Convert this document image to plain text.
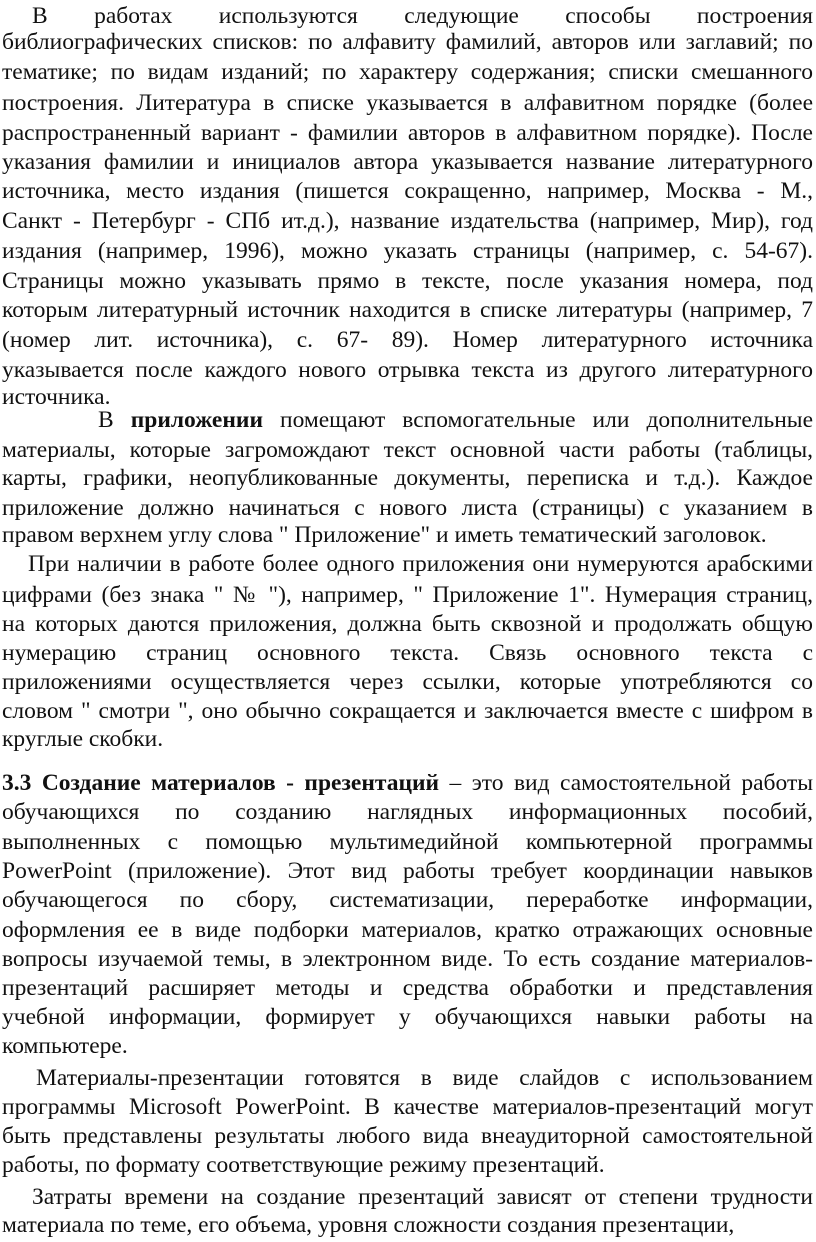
В работах используются следующие способы построения
библиографических списков: по алфавиту фамилий, авторов или заглавий; по
тематике; по видам изданий; по характеру содержания; списки смешанного
построения. Литература в списке указывается в алфавитном порядке (более
распространенный вариант - фамилии авторов в алфавитном порядке). После
указания фамилии и инициалов автора указывается название литературного
источника, место издания (пишется сокращенно, например, Москва - М.,
Санкт - Петербург - СПб ит.д.), название издательства (например, Мир), год
издания (например, 1996), можно указать страницы (например, с. 54-67).
Страницы можно указывать прямо в тексте, после указания номера, под
которым литературный источник находится в списке литературы (например, 7
(номер лит. источника), с. 67- 89). Номер литературного источника
указывается после каждого нового отрывка текста из другого литературного
источника.
В приложении помещают вспомогательные или дополнительные
материалы, которые загромождают текст основной части работы (таблицы,
карты, графики, неопубликованные документы, переписка и т.д.). Каждое
приложение должно начинаться с нового листа (страницы) с указанием в
правом верхнем углу слова " Приложение" и иметь тематический заголовок.
При наличии в работе более одного приложения они нумеруются арабскими
цифрами (без знака " № "), например, " Приложение 1". Нумерация страниц,
на которых даются приложения, должна быть сквозной и продолжать общую
нумерацию страниц основного текста. Связь основного текста с
приложениями осуществляется через ссылки, которые употребляются со
словом " смотри ", оно обычно сокращается и заключается вместе с шифром в
круглые скобки.
3.3 Создание материалов - презентаций – это вид самостоятельной работы
обучающихся по созданию наглядных информационных пособий,
выполненных с помощью мультимедийной компьютерной программы
PowerPoint (приложение). Этот вид работы требует координации навыков
обучающегося по сбору, систематизации, переработке информации,
оформления ее в виде подборки материалов, кратко отражающих основные
вопросы изучаемой темы, в электронном виде. То есть создание материалов-
презентаций расширяет методы и средства обработки и представления
учебной информации, формирует у обучающихся навыки работы на
компьютере.
Материалы-презентации готовятся в виде слайдов с использованием
программы Microsoft PowerPoint. В качестве материалов-презентаций могут
быть представлены результаты любого вида внеаудиторной самостоятельной
работы, по формату соответствующие режиму презентаций.
Затраты времени на создание презентаций зависят от степени трудности
материала по теме, его объема, уровня сложности создания презентации,
